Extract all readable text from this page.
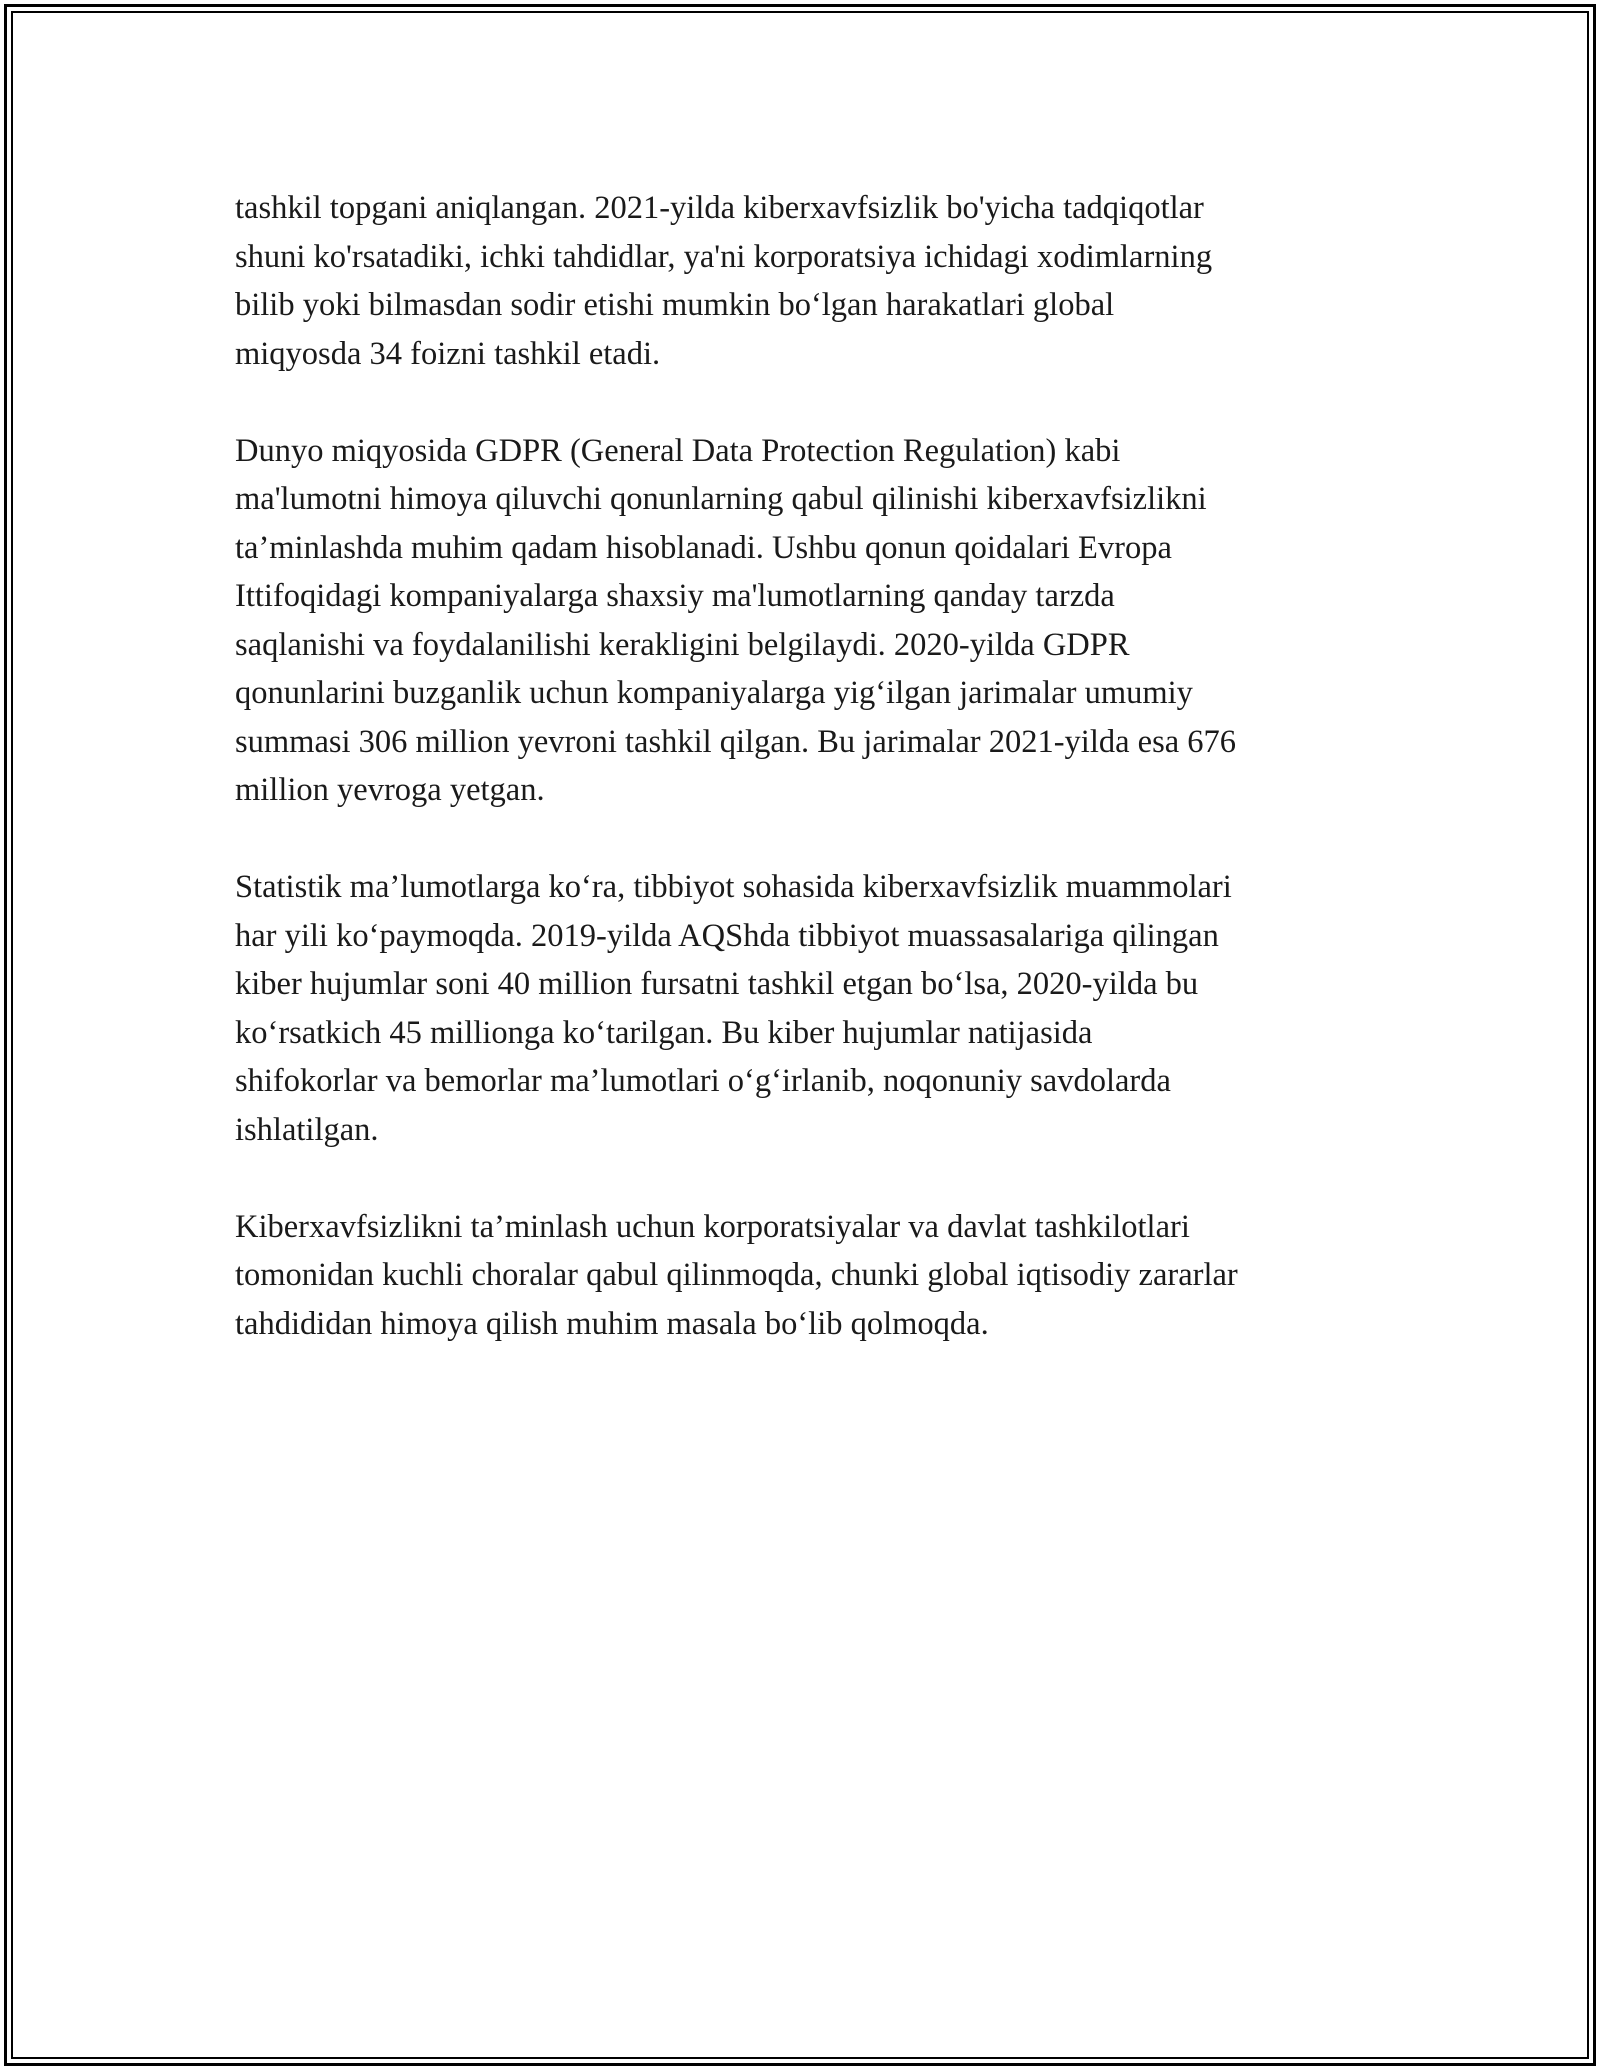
tashkil topgani aniqlangan. 2021-yilda kiberxavfsizlik bo'yicha tadqiqotlar
shuni ko'rsatadiki, ichki tahdidlar, ya'ni korporatsiya ichidagi xodimlarning
bilib yoki bilmasdan sodir etishi mumkin bo‘lgan harakatlari global
miqyosda 34 foizni tashkil etadi.

Dunyo miqyosida GDPR (General Data Protection Regulation) kabi
ma'lumotni himoya qiluvchi qonunlarning qabul qilinishi kiberxavfsizlikni
ta’minlashda muhim qadam hisoblanadi. Ushbu qonun qoidalari Evropa
Ittifoqidagi kompaniyalarga shaxsiy ma'lumotlarning qanday tarzda
saqlanishi va foydalanilishi kerakligini belgilaydi. 2020-yilda GDPR
qonunlarini buzganlik uchun kompaniyalarga yig‘ilgan jarimalar umumiy
summasi 306 million yevroni tashkil qilgan. Bu jarimalar 2021-yilda esa 676
million yevroga yetgan.

Statistik ma’lumotlarga ko‘ra, tibbiyot sohasida kiberxavfsizlik muammolari
har yili ko‘paymoqda. 2019-yilda AQShda tibbiyot muassasalariga qilingan
kiber hujumlar soni 40 million fursatni tashkil etgan bo‘lsa, 2020-yilda bu
ko‘rsatkich 45 millionga ko‘tarilgan. Bu kiber hujumlar natijasida
shifokorlar va bemorlar ma’lumotlari o‘g‘irlanib, noqonuniy savdolarda
ishlatilgan.

Kiberxavfsizlikni ta’minlash uchun korporatsiyalar va davlat tashkilotlari
tomonidan kuchli choralar qabul qilinmoqda, chunki global iqtisodiy zararlar
tahdididan himoya qilish muhim masala bo‘lib qolmoqda.
